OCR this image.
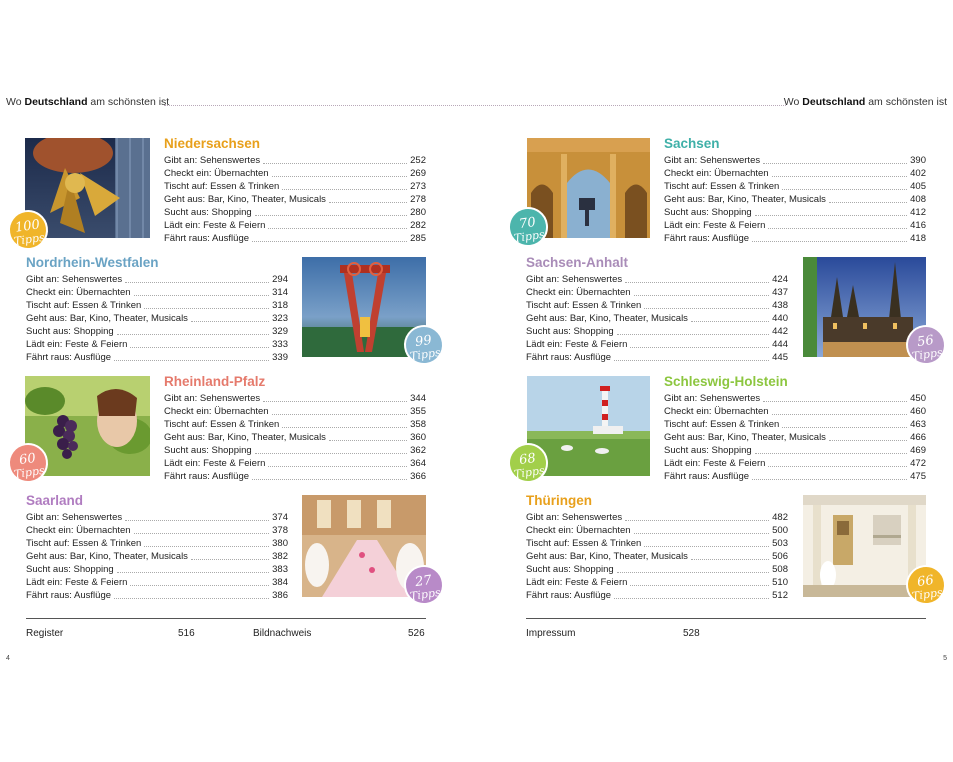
Wo Deutschland am schönsten ist	Wo Deutschland am schönsten ist
100
Tipps
99
Tipps
60
Tipps
27
Tipps
70
Tipps
56
Tipps
68
Tipps
66
Tipps
Niedersachsen
Gibt an: Sehenswertes	252
Checkt ein: Übernachten	269
Tischt auf: Essen & Trinken	273
Geht aus: Bar, Kino, Theater, Musicals	278
Sucht aus: Shopping	280
Lädt ein: Feste & Feiern	282
Fährt raus: Ausflüge	285
Nordrhein-Westfalen
Gibt an: Sehenswertes	294
Checkt ein: Übernachten	314
Tischt auf: Essen & Trinken	318
Geht aus: Bar, Kino, Theater, Musicals	323
Sucht aus: Shopping	329
Lädt ein: Feste & Feiern	333
Fährt raus: Ausflüge	339
Rheinland-Pfalz
Gibt an: Sehenswertes	344
Checkt ein: Übernachten	355
Tischt auf: Essen & Trinken	358
Geht aus: Bar, Kino, Theater, Musicals	360
Sucht aus: Shopping	362
Lädt ein: Feste & Feiern	364
Fährt raus: Ausflüge	366
Saarland
Gibt an: Sehenswertes	374
Checkt ein: Übernachten	378
Tischt auf: Essen & Trinken	380
Geht aus: Bar, Kino, Theater, Musicals	382
Sucht aus: Shopping	383
Lädt ein: Feste & Feiern	384
Fährt raus: Ausflüge	386
Sachsen
Gibt an: Sehenswertes	390
Checkt ein: Übernachten	402
Tischt auf: Essen & Trinken	405
Geht aus: Bar, Kino, Theater, Musicals	408
Sucht aus: Shopping	412
Lädt ein: Feste & Feiern	416
Fährt raus: Ausflüge	418
Sachsen-Anhalt
Gibt an: Sehenswertes	424
Checkt ein: Übernachten	437
Tischt auf: Essen & Trinken	438
Geht aus: Bar, Kino, Theater, Musicals	440
Sucht aus: Shopping	442
Lädt ein: Feste & Feiern	444
Fährt raus: Ausflüge	445
Schleswig-Holstein
Gibt an: Sehenswertes	450
Checkt ein: Übernachten	460
Tischt auf: Essen & Trinken	463
Geht aus: Bar, Kino, Theater, Musicals	466
Sucht aus: Shopping	469
Lädt ein: Feste & Feiern	472
Fährt raus: Ausflüge	475
Thüringen
Gibt an: Sehenswertes	482
Checkt ein: Übernachten	500
Tischt auf: Essen & Trinken	503
Geht aus: Bar, Kino, Theater, Musicals	506
Sucht aus: Shopping	508
Lädt ein: Feste & Feiern	510
Fährt raus: Ausflüge	512
Register	516	Bildnachweis	526	Impressum	528
4	5
